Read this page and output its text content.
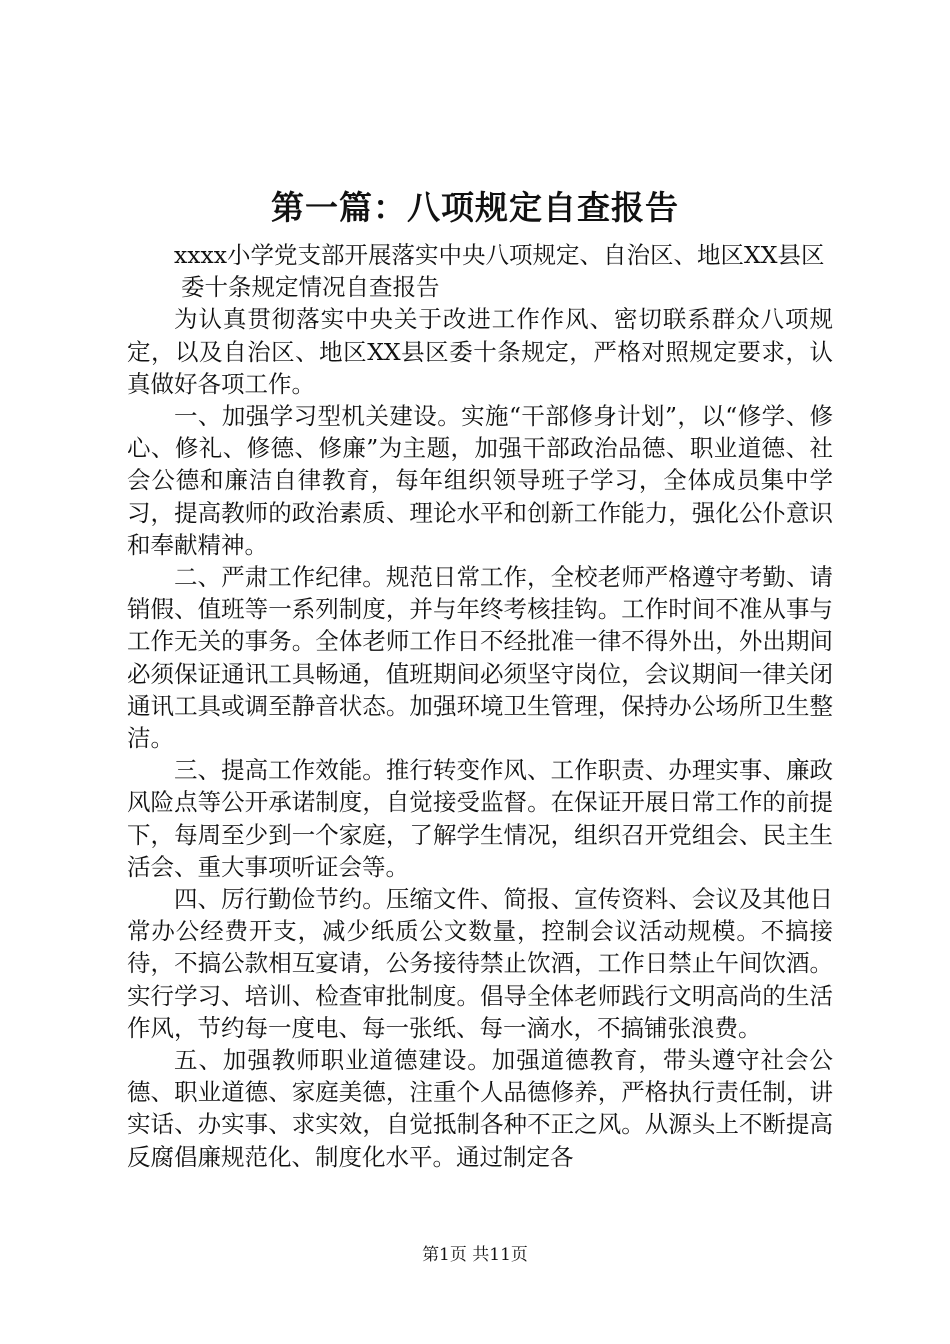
第一篇：八项规定自查报告

xxxx小学党支部开展落实中央八项规定、自治区、地区XX县区

委十条规定情况自查报告

为认真贯彻落实中央关于改进工作作风、密切联系群众八项规定，以及自治区、地区XX县区委十条规定，严格对照规定要求，认真做好各项工作。

一、加强学习型机关建设。实施“干部修身计划”，以“修学、修心、修礼、修德、修廉”为主题，加强干部政治品德、职业道德、社会公德和廉洁自律教育，每年组织领导班子学习，全体成员集中学习，提高教师的政治素质、理论水平和创新工作能力，强化公仆意识和奉献精神。

二、严肃工作纪律。规范日常工作，全校老师严格遵守考勤、请销假、值班等一系列制度，并与年终考核挂钩。工作时间不准从事与工作无关的事务。全体老师工作日不经批准一律不得外出，外出期间必须保证通讯工具畅通，值班期间必须坚守岗位，会议期间一律关闭通讯工具或调至静音状态。加强环境卫生管理，保持办公场所卫生整洁。

三、提高工作效能。推行转变作风、工作职责、办理实事、廉政风险点等公开承诺制度，自觉接受监督。在保证开展日常工作的前提下，每周至少到一个家庭，了解学生情况，组织召开党组会、民主生活会、重大事项听证会等。

四、厉行勤俭节约。压缩文件、简报、宣传资料、会议及其他日常办公经费开支，减少纸质公文数量，控制会议活动规模。不搞接待，不搞公款相互宴请，公务接待禁止饮酒，工作日禁止午间饮酒。实行学习、培训、检查审批制度。倡导全体老师践行文明高尚的生活作风，节约每一度电、每一张纸、每一滴水，不搞铺张浪费。

五、加强教师职业道德建设。加强道德教育，带头遵守社会公德、职业道德、家庭美德，注重个人品德修养，严格执行责任制，讲实话、办实事、求实效，自觉抵制各种不正之风。从源头上不断提高反腐倡廉规范化、制度化水平。通过制定各

第1页 共11页
